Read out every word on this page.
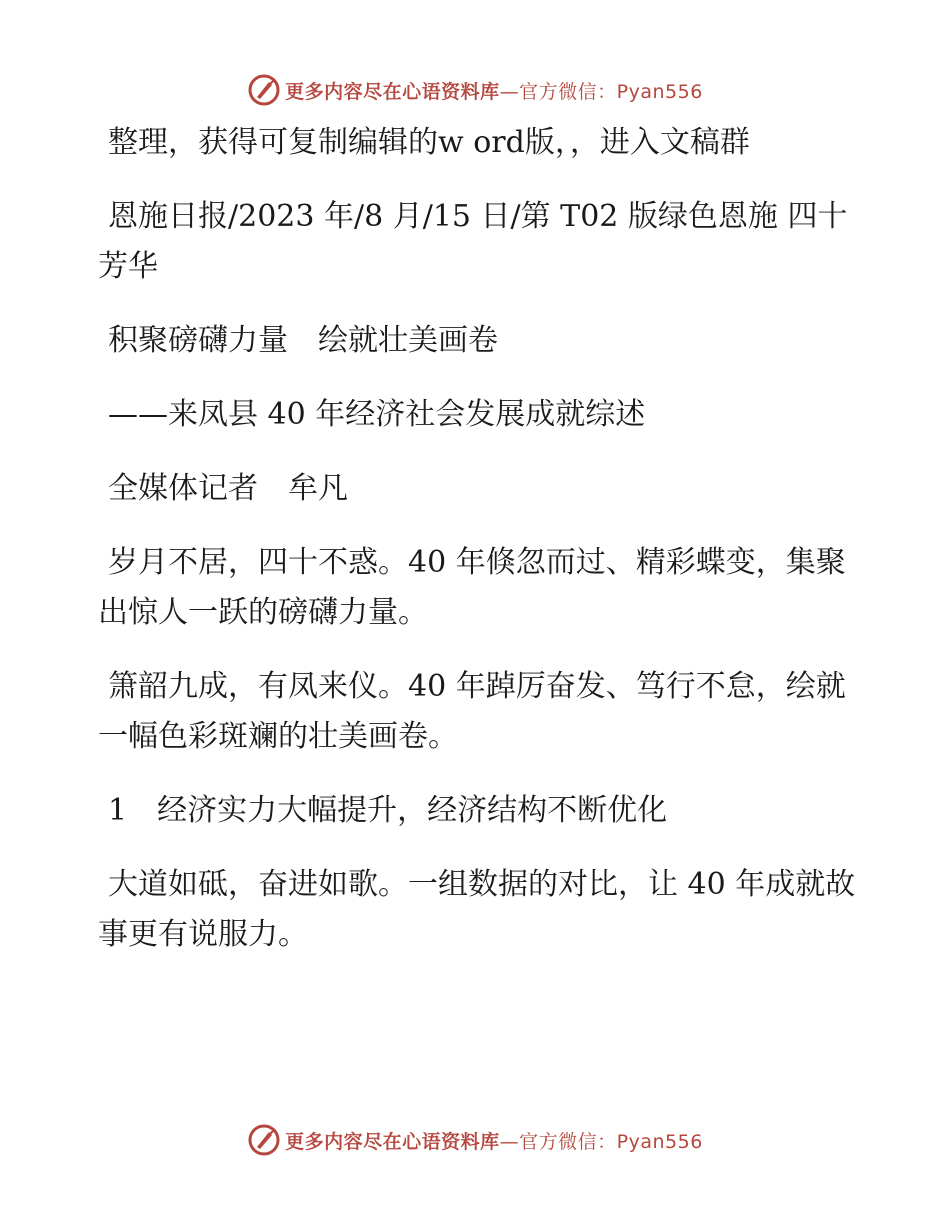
更多内容尽在心语资料库—官方微信：Pyan556

整理，获得可复制编辑的w ord版，，进入文稿群

恩施日报/2023 年/8 月/15 日/第 T02 版绿色恩施 四十芳华

积聚磅礴力量　绘就壮美画卷

——来凤县 40 年经济社会发展成就综述

全媒体记者　牟凡

岁月不居，四十不惑。40 年倏忽而过、精彩蝶变，集聚出惊人一跃的磅礴力量。

箫韶九成，有凤来仪。40 年踔厉奋发、笃行不怠，绘就一幅色彩斑斓的壮美画卷。

1　经济实力大幅提升，经济结构不断优化

大道如砥，奋进如歌。一组数据的对比，让 40 年成就故事更有说服力。

更多内容尽在心语资料库—官方微信：Pyan556
